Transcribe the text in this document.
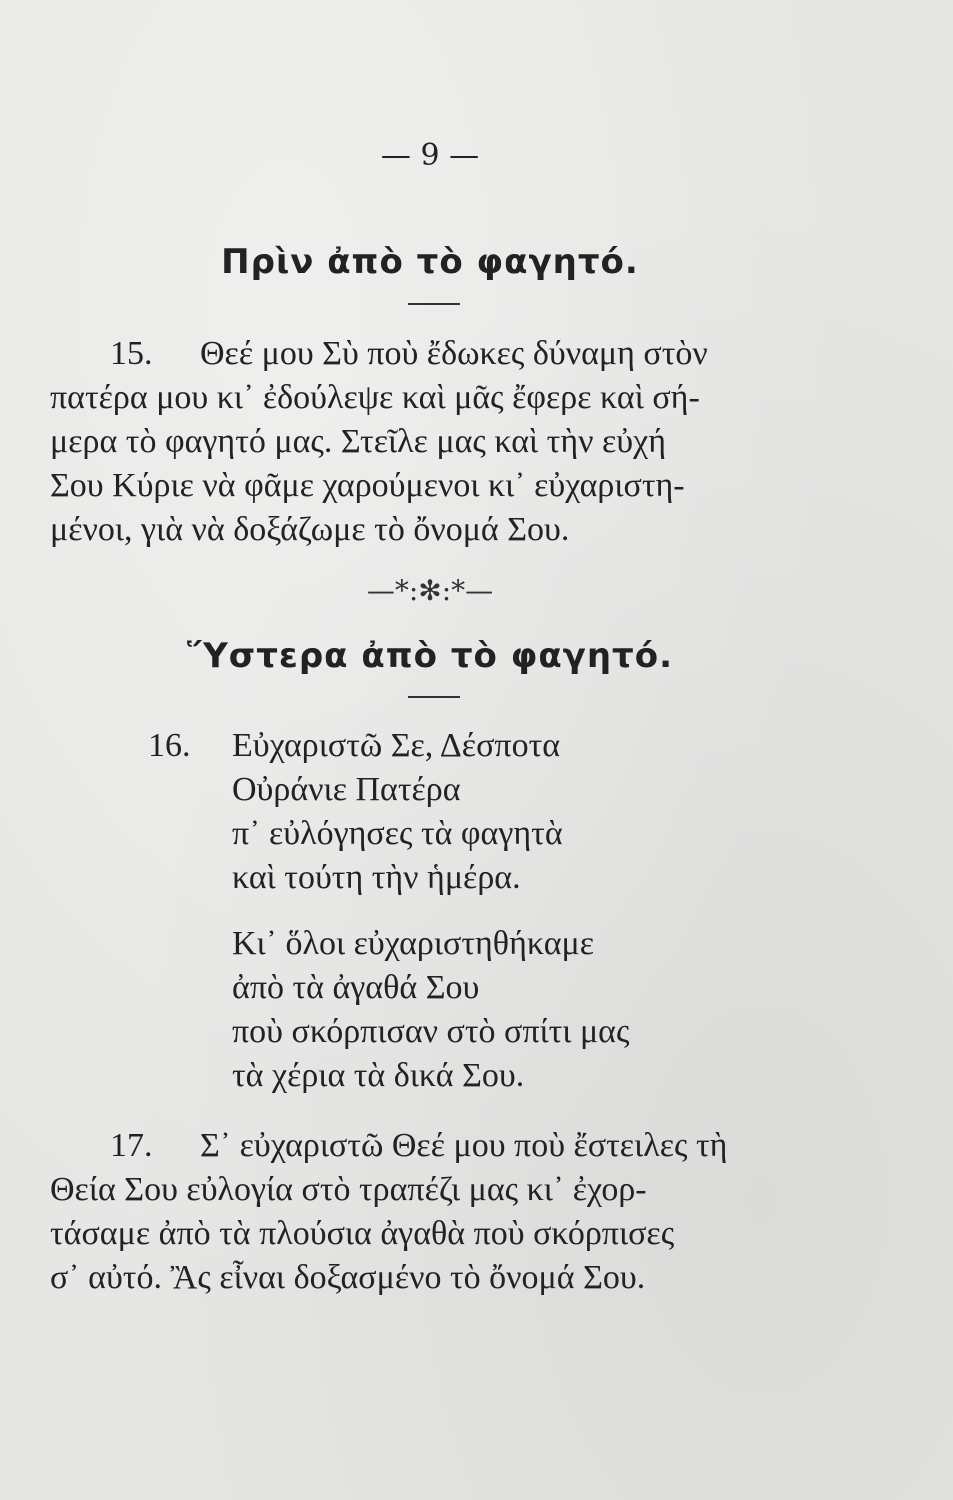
— 9 —
Πρὶν ἀπὸ τὸ φαγητό.
15. Θεέ μου Σὺ ποὺ ἔδωκες δύναμη στὸν
πατέρα μου κι᾽ ἐδούλεψε καὶ μᾶς ἔφερε καὶ σή-
μερα τὸ φαγητό μας. Στεῖλε μας καὶ τὴν εὐχή
Σου Κύριε νὰ φᾶμε χαρούμενοι κι᾽ εὐχαριστη-
μένοι, γιὰ νὰ δοξάζωμε τὸ ὄνομά Σου.
—*:✻:*—
Ὕστερα ἀπὸ τὸ φαγητό.
16. Εὐχαριστῶ Σε, Δέσποτα
Οὐράνιε Πατέρα
π᾽ εὐλόγησες τὰ φαγητὰ
καὶ τούτη τὴν ἡμέρα.
Κι᾽ ὅλοι εὐχαριστηθήκαμε
ἀπὸ τὰ ἀγαθά Σου
ποὺ σκόρπισαν στὸ σπίτι μας
τὰ χέρια τὰ δικά Σου.
17. Σ᾽ εὐχαριστῶ Θεέ μου ποὺ ἔστειλες τὴ
Θεία Σου εὐλογία στὸ τραπέζι μας κι᾽ ἐχορ-
τάσαμε ἀπὸ τὰ πλούσια ἀγαθὰ ποὺ σκόρπισες
σ᾽ αὐτό. Ἂς εἶναι δοξασμένο τὸ ὄνομά Σου.
